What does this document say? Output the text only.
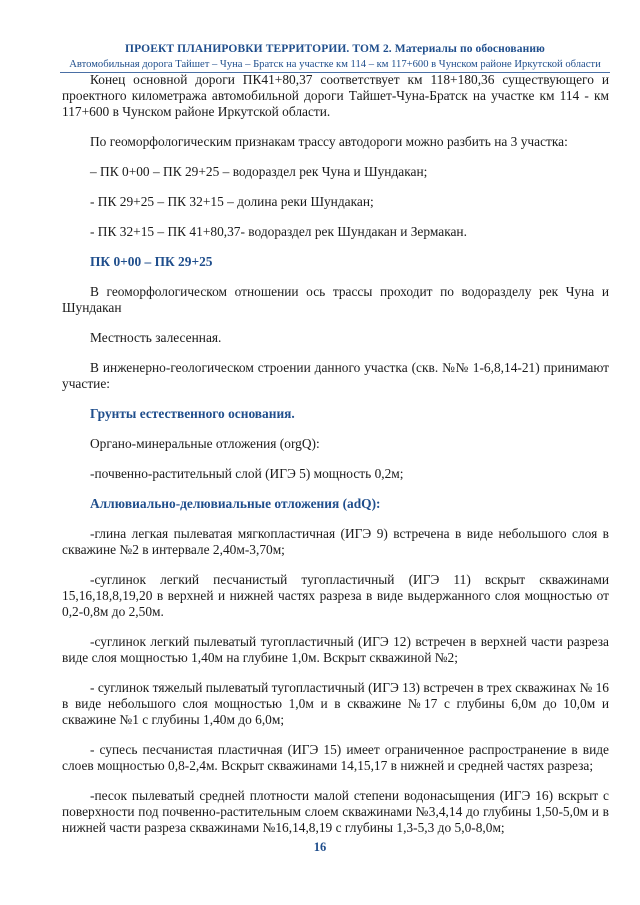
ПРОЕКТ ПЛАНИРОВКИ ТЕРРИТОРИИ. ТОМ 2. Материалы по обоснованию
Автомобильная дорога Тайшет – Чуна – Братск на участке км 114 – км 117+600 в Чунском районе Иркутской области

Конец основной дороги ПК41+80,37 соответствует км 118+180,36 существующего и проектного километража автомобильной дороги Тайшет-Чуна-Братск на участке км 114 - км 117+600 в Чунском районе Иркутской области.

По геоморфологическим признакам трассу автодороги можно разбить на 3 участка:

– ПК 0+00 – ПК 29+25 – водораздел рек Чуна и Шундакан;

- ПК 29+25 – ПК 32+15 – долина реки Шундакан;

- ПК 32+15 – ПК 41+80,37- водораздел рек Шундакан и Зермакан.

ПК 0+00 – ПК 29+25

В геоморфологическом отношении ось трассы проходит по водоразделу рек Чуна и Шундакан

Местность залесенная.

В инженерно-геологическом строении данного участка (скв. №№ 1-6,8,14-21) принимают участие:

Грунты естественного основания.

Органо-минеральные отложения (orgQ):

-почвенно-растительный слой (ИГЭ 5) мощность 0,2м;

Аллювиально-делювиальные отложения (adQ):

-глина легкая пылеватая мягкопластичная (ИГЭ 9) встречена в виде небольшого слоя в скважине №2 в интервале 2,40м-3,70м;

-суглинок легкий песчанистый тугопластичный (ИГЭ 11) вскрыт скважинами 15,16,18,8,19,20 в верхней и нижней частях разреза в виде выдержанного слоя мощностью от 0,2-0,8м до 2,50м.

-суглинок легкий пылеватый тугопластичный (ИГЭ 12) встречен в верхней части разреза виде слоя мощностью 1,40м на глубине 1,0м. Вскрыт скважиной №2;

- суглинок тяжелый пылеватый тугопластичный (ИГЭ 13) встречен в трех скважинах № 16 в виде небольшого слоя мощностью 1,0м и в скважине №17 с глубины 6,0м до 10,0м и скважине №1 с глубины 1,40м до 6,0м;

- супесь песчанистая пластичная (ИГЭ 15) имеет ограниченное распространение в виде слоев мощностью 0,8-2,4м. Вскрыт скважинами 14,15,17 в нижней и средней частях разреза;

-песок пылеватый средней плотности малой степени водонасыщения (ИГЭ 16) вскрыт с поверхности под почвенно-растительным слоем скважинами №3,4,14 до глубины 1,50-5,0м и в нижней части разреза скважинами №16,14,8,19 с глубины 1,3-5,3 до 5,0-8,0м;

16
